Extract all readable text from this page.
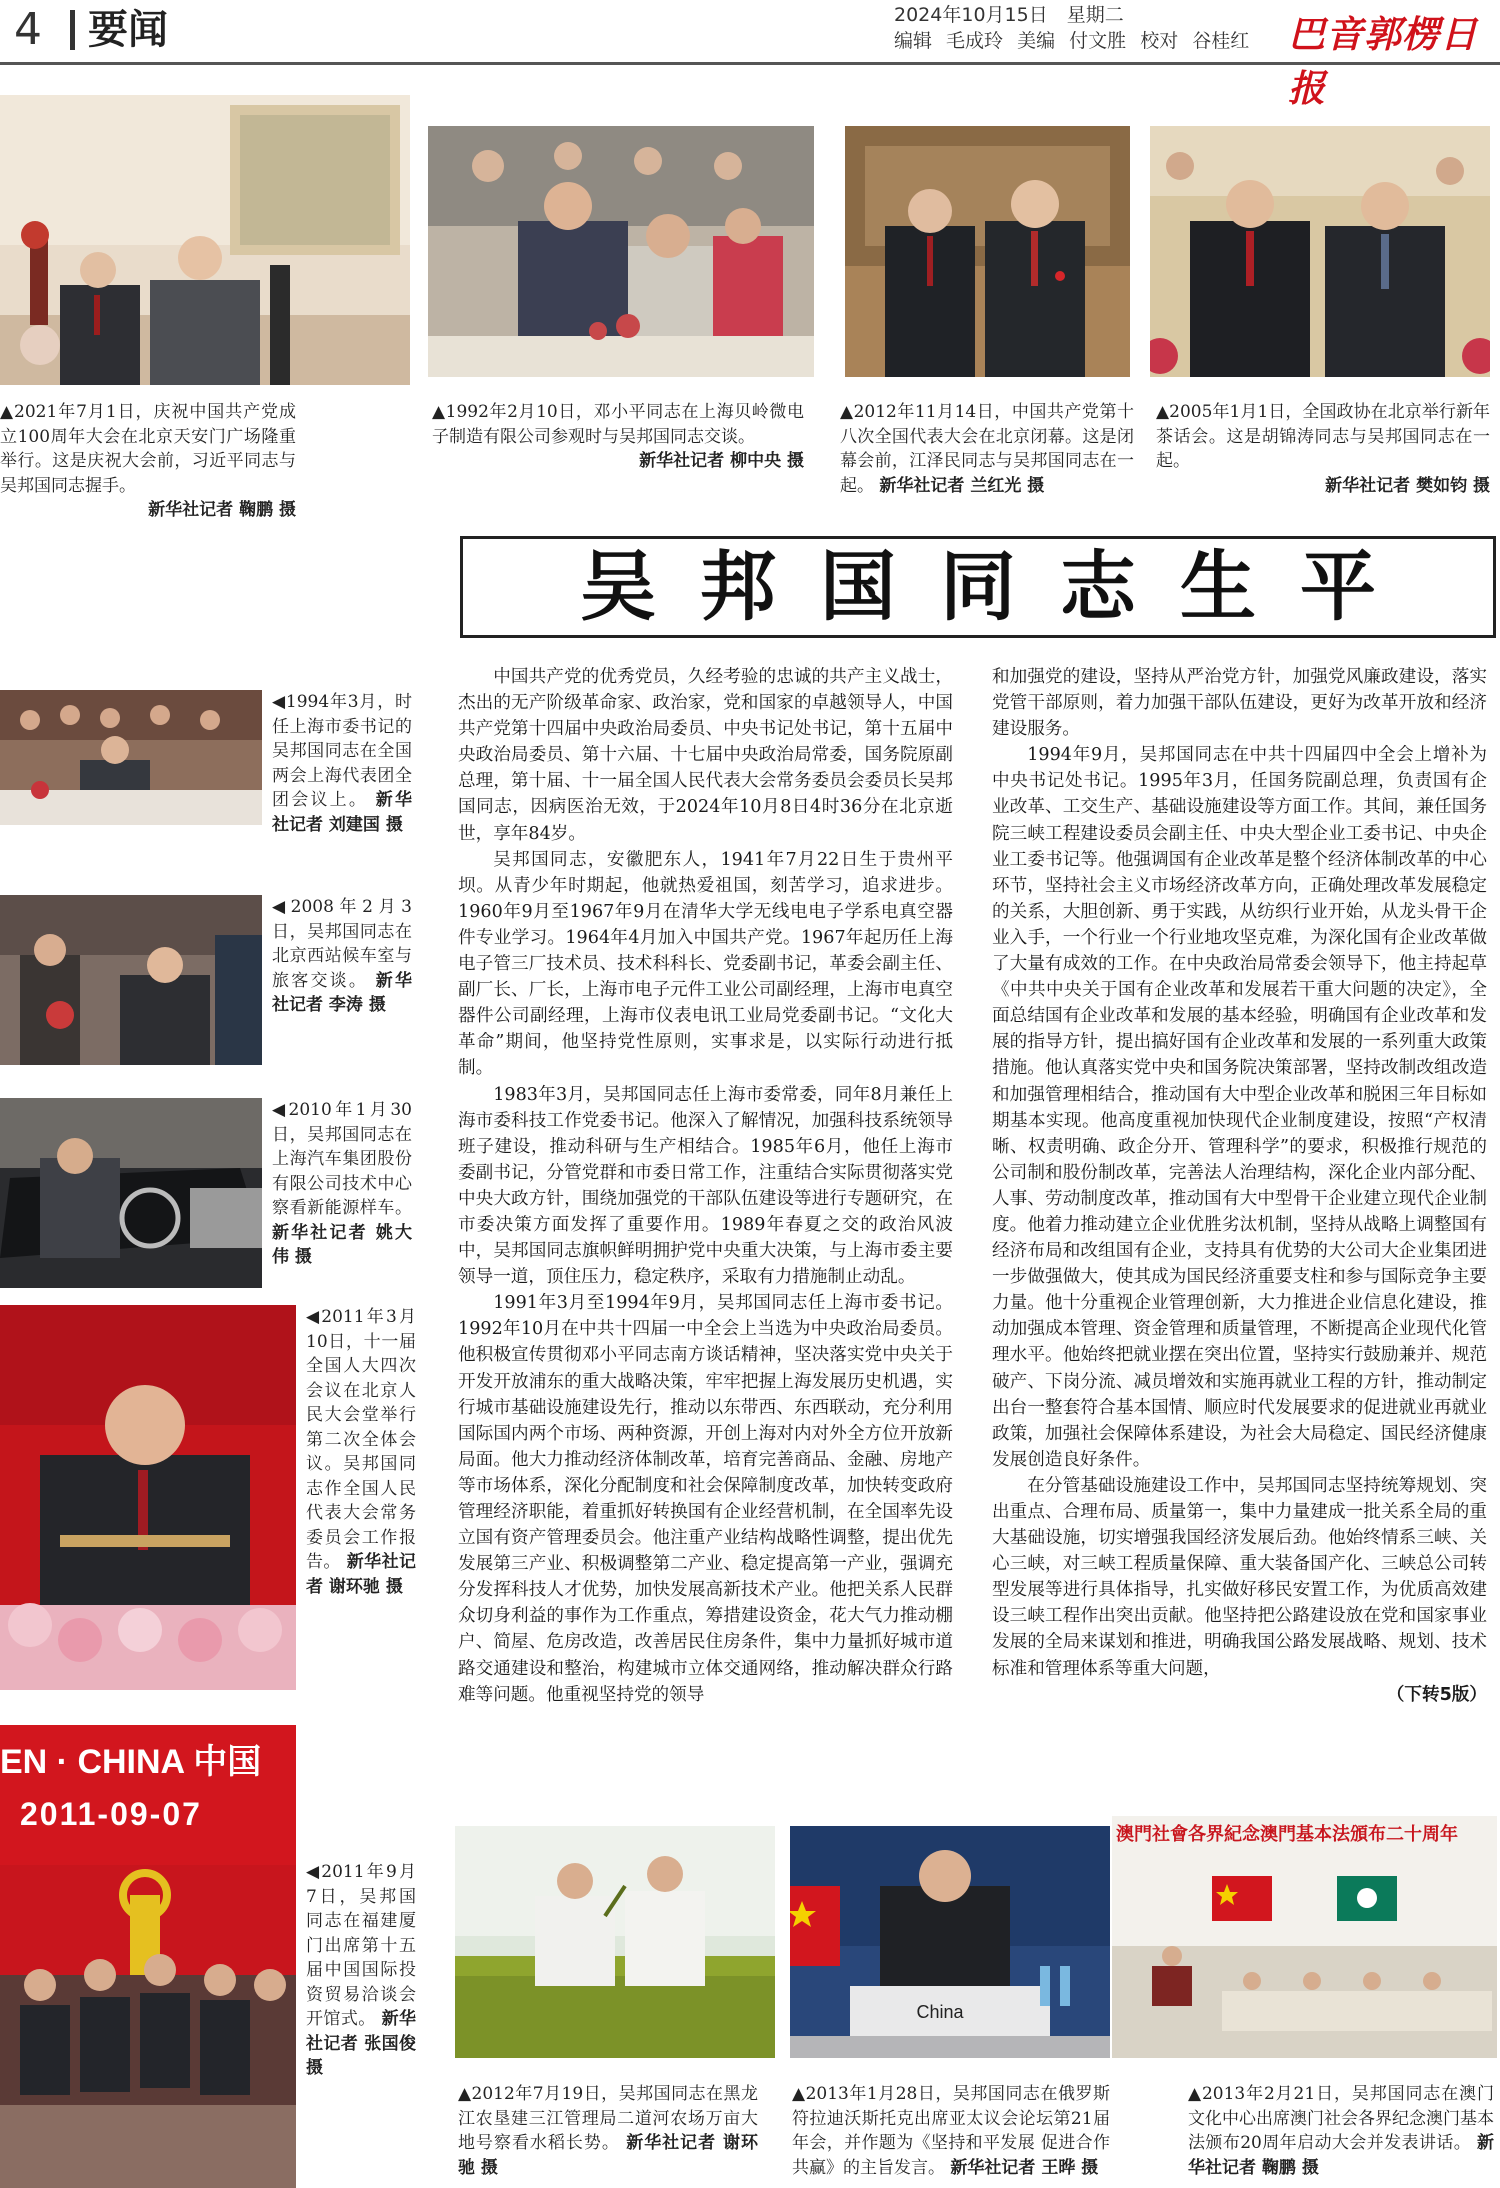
4 要闻	2024年10月15日　星期二
编辑 毛成玲 美编 付文胜 校对 谷桂红 巴音郭楞日报
▲2021年7月1日，庆祝中国共产党成立100周年大会在北京天安门广场隆重举行。这是庆祝大会前，习近平同志与吴邦国同志握手。
新华社记者 鞠鹏 摄
▲1992年2月10日，邓小平同志在上海贝岭微电子制造有限公司参观时与吴邦国同志交谈。
新华社记者 柳中央 摄
▲2012年11月14日，中国共产党第十八次全国代表大会在北京闭幕。这是闭幕会前，江泽民同志与吴邦国同志在一起。 新华社记者 兰红光 摄
▲2005年1月1日，全国政协在北京举行新年茶话会。这是胡锦涛同志与吴邦国同志在一起。
新华社记者 樊如钧 摄
吴邦国同志生平
◀1994年3月，时任上海市委书记的吴邦国同志在全国两会上海代表团全团会议上。 新华社记者 刘建国 摄
◀2008年2月3日，吴邦国同志在北京西站候车室与旅客交谈。 新华社记者 李涛 摄
◀2010年1月30日，吴邦国同志在上海汽车集团股份有限公司技术中心察看新能源样车。 新华社记者 姚大伟 摄
◀2011年3月10日，十一届全国人大四次会议在北京人民大会堂举行第二次全体会议。吴邦国同志作全国人民代表大会常务委员会工作报告。 新华社记者 谢环驰 摄
EN · CHINA 中国
2011-09-07
◀2011年9月7日，吴邦国同志在福建厦门出席第十五届中国国际投资贸易洽谈会开馆式。 新华社记者 张国俊 摄

中国共产党的优秀党员，久经考验的忠诚的共产主义战士，杰出的无产阶级革命家、政治家，党和国家的卓越领导人，中国共产党第十四届中央政治局委员、中央书记处书记，第十五届中央政治局委员、第十六届、十七届中央政治局常委，国务院原副总理，第十届、十一届全国人民代表大会常务委员会委员长吴邦国同志，因病医治无效，于2024年10月8日4时36分在北京逝世，享年84岁。

吴邦国同志，安徽肥东人，1941年7月22日生于贵州平坝。从青少年时期起，他就热爱祖国，刻苦学习，追求进步。1960年9月至1967年9月在清华大学无线电电子学系电真空器件专业学习。1964年4月加入中国共产党。1967年起历任上海电子管三厂技术员、技术科科长、党委副书记，革委会副主任、副厂长、厂长，上海市电子元件工业公司副经理，上海市电真空器件公司副经理，上海市仪表电讯工业局党委副书记。“文化大革命”期间，他坚持党性原则，实事求是，以实际行动进行抵制。

1983年3月，吴邦国同志任上海市委常委，同年8月兼任上海市委科技工作党委书记。他深入了解情况，加强科技系统领导班子建设，推动科研与生产相结合。1985年6月，他任上海市委副书记，分管党群和市委日常工作，注重结合实际贯彻落实党中央大政方针，围绕加强党的干部队伍建设等进行专题研究，在市委决策方面发挥了重要作用。1989年春夏之交的政治风波中，吴邦国同志旗帜鲜明拥护党中央重大决策，与上海市委主要领导一道，顶住压力，稳定秩序，采取有力措施制止动乱。

1991年3月至1994年9月，吴邦国同志任上海市委书记。1992年10月在中共十四届一中全会上当选为中央政治局委员。他积极宣传贯彻邓小平同志南方谈话精神，坚决落实党中央关于开发开放浦东的重大战略决策，牢牢把握上海发展历史机遇，实行城市基础设施建设先行，推动以东带西、东西联动，充分利用国际国内两个市场、两种资源，开创上海对内对外全方位开放新局面。他大力推动经济体制改革，培育完善商品、金融、房地产等市场体系，深化分配制度和社会保障制度改革，加快转变政府管理经济职能，着重抓好转换国有企业经营机制，在全国率先设立国有资产管理委员会。他注重产业结构战略性调整，提出优先发展第三产业、积极调整第二产业、稳定提高第一产业，强调充分发挥科技人才优势，加快发展高新技术产业。他把关系人民群众切身利益的事作为工作重点，筹措建设资金，花大气力推动棚户、简屋、危房改造，改善居民住房条件，集中力量抓好城市道路交通建设和整治，构建城市立体交通网络，推动解决群众行路难等问题。他重视坚持党的领导

和加强党的建设，坚持从严治党方针，加强党风廉政建设，落实党管干部原则，着力加强干部队伍建设，更好为改革开放和经济建设服务。

1994年9月，吴邦国同志在中共十四届四中全会上增补为中央书记处书记。1995年3月，任国务院副总理，负责国有企业改革、工交生产、基础设施建设等方面工作。其间，兼任国务院三峡工程建设委员会副主任、中央大型企业工委书记、中央企业工委书记等。他强调国有企业改革是整个经济体制改革的中心环节，坚持社会主义市场经济改革方向，正确处理改革发展稳定的关系，大胆创新、勇于实践，从纺织行业开始，从龙头骨干企业入手，一个行业一个行业地攻坚克难，为深化国有企业改革做了大量有成效的工作。在中央政治局常委会领导下，他主持起草《中共中央关于国有企业改革和发展若干重大问题的决定》，全面总结国有企业改革和发展的基本经验，明确国有企业改革和发展的指导方针，提出搞好国有企业改革和发展的一系列重大政策措施。他认真落实党中央和国务院决策部署，坚持改制改组改造和加强管理相结合，推动国有大中型企业改革和脱困三年目标如期基本实现。他高度重视加快现代企业制度建设，按照“产权清晰、权责明确、政企分开、管理科学”的要求，积极推行规范的公司制和股份制改革，完善法人治理结构，深化企业内部分配、人事、劳动制度改革，推动国有大中型骨干企业建立现代企业制度。他着力推动建立企业优胜劣汰机制，坚持从战略上调整国有经济布局和改组国有企业，支持具有优势的大公司大企业集团进一步做强做大，使其成为国民经济重要支柱和参与国际竞争主要力量。他十分重视企业管理创新，大力推进企业信息化建设，推动加强成本管理、资金管理和质量管理，不断提高企业现代化管理水平。他始终把就业摆在突出位置，坚持实行鼓励兼并、规范破产、下岗分流、减员增效和实施再就业工程的方针，推动制定出台一整套符合基本国情、顺应时代发展要求的促进就业再就业政策，加强社会保障体系建设，为社会大局稳定、国民经济健康发展创造良好条件。

在分管基础设施建设工作中，吴邦国同志坚持统筹规划、突出重点、合理布局、质量第一，集中力量建成一批关系全局的重大基础设施，切实增强我国经济发展后劲。他始终情系三峡、关心三峡，对三峡工程质量保障、重大装备国产化、三峡总公司转型发展等进行具体指导，扎实做好移民安置工作，为优质高效建设三峡工程作出突出贡献。他坚持把公路建设放在党和国家事业发展的全局来谋划和推进，明确我国公路发展战略、规划、技术标准和管理体系等重大问题，

（下转5版）
▲2012年7月19日，吴邦国同志在黑龙江农垦建三江管理局二道河农场万亩大地号察看水稻长势。 新华社记者 谢环驰 摄
China
▲2013年1月28日，吴邦国同志在俄罗斯符拉迪沃斯托克出席亚太议会论坛第21届年会，并作题为《坚持和平发展 促进合作共赢》的主旨发言。 新华社记者 王晔 摄
澳門社會各界紀念澳門基本法頒布二十周年
▲2013年2月21日，吴邦国同志在澳门文化中心出席澳门社会各界纪念澳门基本法颁布20周年启动大会并发表讲话。 新华社记者 鞠鹏 摄
